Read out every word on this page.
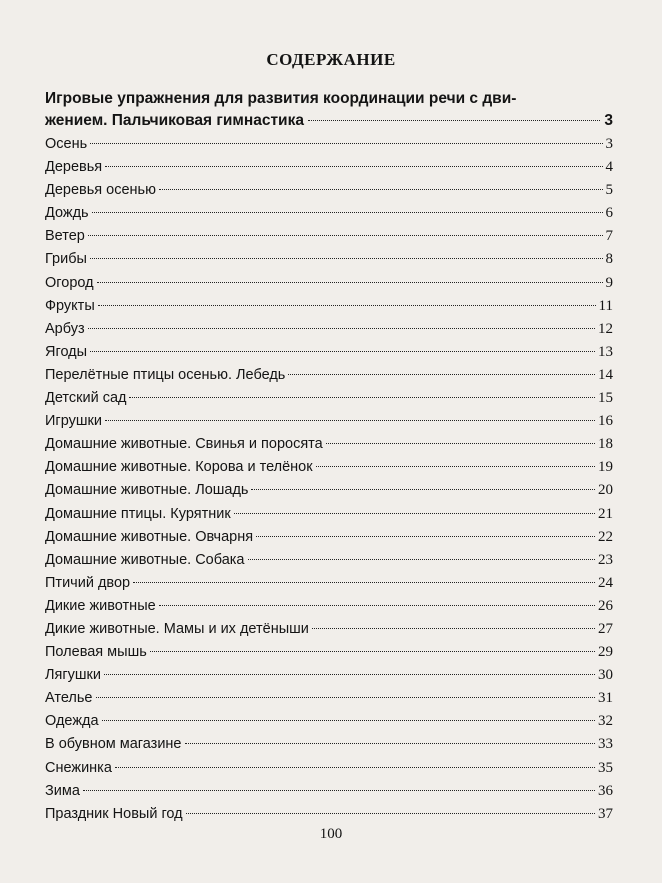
СОДЕРЖАНИЕ
Игровые упражнения для развития координации речи с дви-
жением. Пальчиковая гимнастика	3
Осень	3
Деревья	4
Деревья осенью	5
Дождь	6
Ветер	7
Грибы	8
Огород	9
Фрукты	11
Арбуз	12
Ягоды	13
Перелётные птицы осенью. Лебедь	14
Детский сад	15
Игрушки	16
Домашние животные. Свинья и поросята	18
Домашние животные. Корова и телёнок	19
Домашние животные. Лошадь	20
Домашние птицы. Курятник	21
Домашние животные. Овчарня	22
Домашние животные. Собака	23
Птичий двор	24
Дикие животные	26
Дикие животные. Мамы и их детёныши	27
Полевая мышь	29
Лягушки	30
Ателье	31
Одежда	32
В обувном магазине	33
Снежинка	35
Зима	36
Праздник Новый год	37
100
